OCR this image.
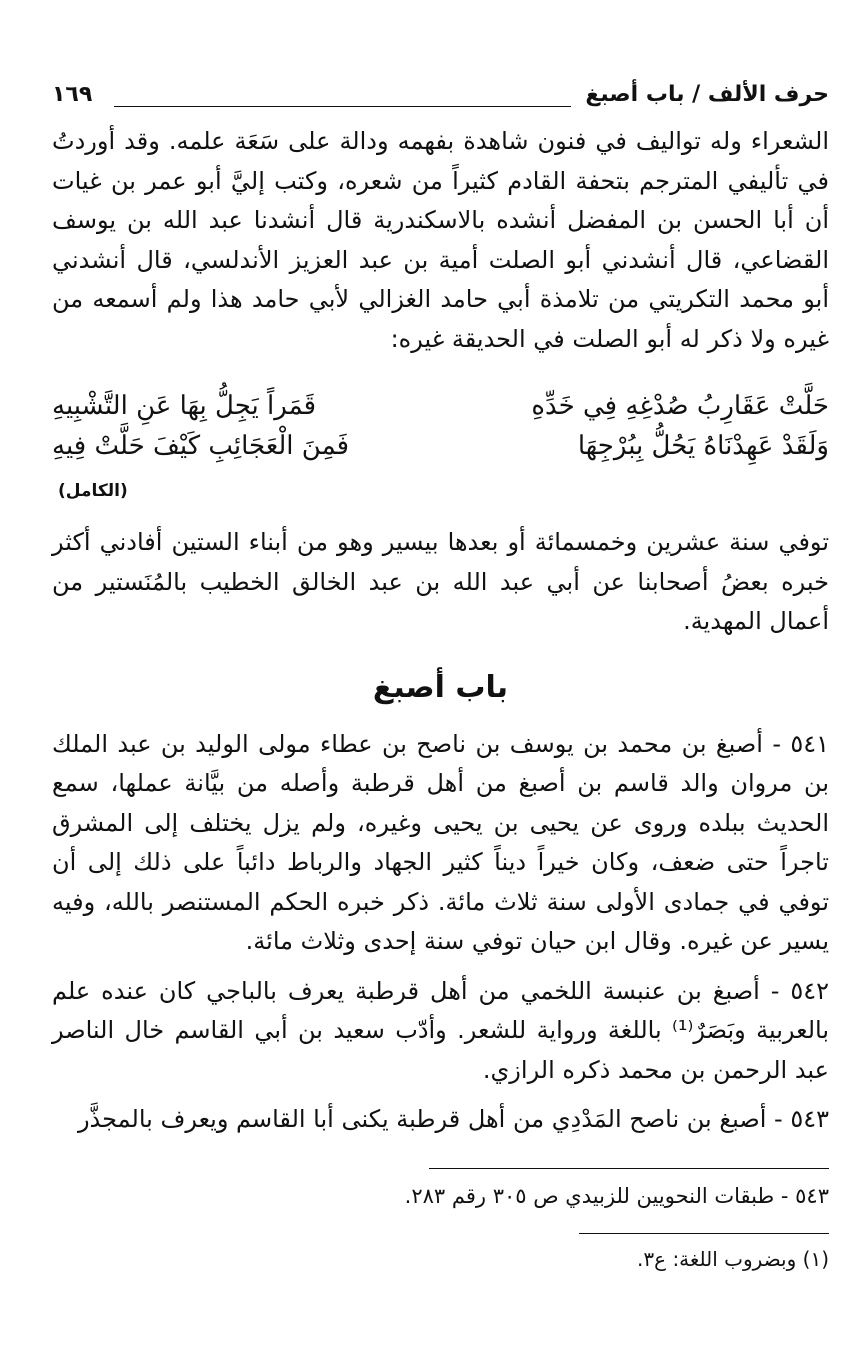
حرف الألف / باب أصبغ
١٦٩

الشعراء وله تواليف في فنون شاهدة بفهمه ودالة على سَعَة علمه. وقد أوردتُ في تأليفي المترجم بتحفة القادم كثيراً من شعره، وكتب إليَّ أبو عمر بن غيات أن أبا الحسن بن المفضل أنشده بالاسكندرية قال أنشدنا عبد الله بن يوسف القضاعي، قال أنشدني أبو الصلت أمية بن عبد العزيز الأندلسي، قال أنشدني أبو محمد التكريتي من تلامذة أبي حامد الغزالي لأبي حامد هذا ولم أسمعه من غيره ولا ذكر له أبو الصلت في الحديقة غيره:

حَلَّتْ عَقَارِبُ صُدْغِهِ فِي خَدِّهِ
قَمَراً يَجِلُّ بِهَا عَنِ التَّشْبِيهِ
وَلَقَدْ عَهِدْنَاهُ يَحُلُّ بِبُرْجِهَا
فَمِنَ الْعَجَائِبِ كَيْفَ حَلَّتْ فِيهِ
(الكامل)

توفي سنة عشرين وخمسمائة أو بعدها بيسير وهو من أبناء الستين أفادني أكثر خبره بعضُ أصحابنا عن أبي عبد الله بن عبد الخالق الخطيب بالمُنَستير من أعمال المهدية.

باب أصبغ

٥٤١ - أصبغ بن محمد بن يوسف بن ناصح بن عطاء مولى الوليد بن عبد الملك بن مروان والد قاسم بن أصبغ من أهل قرطبة وأصله من بيَّانة عملها، سمع الحديث ببلده وروى عن يحيى بن يحيى وغيره، ولم يزل يختلف إلى المشرق تاجراً حتى ضعف، وكان خيراً ديناً كثير الجهاد والرباط دائباً على ذلك إلى أن توفي في جمادى الأولى سنة ثلاث مائة. ذكر خبره الحكم المستنصر بالله، وفيه يسير عن غيره. وقال ابن حيان توفي سنة إحدى وثلاث مائة.

٥٤٢ - أصبغ بن عنبسة اللخمي من أهل قرطبة يعرف بالباجي كان عنده علم بالعربية وبَصَرٌ⁽¹⁾ باللغة ورواية للشعر. وأدّب سعيد بن أبي القاسم خال الناصر عبد الرحمن بن محمد ذكره الرازي.

٥٤٣ - أصبغ بن ناصح المَدْدِي من أهل قرطبة يكنى أبا القاسم ويعرف بالمجذَّر

٥٤٣ - طبقات النحويين للزبيدي ص ٣٠٥ رقم ٢٨٣.
(١) وبضروب اللغة: ع٣.
